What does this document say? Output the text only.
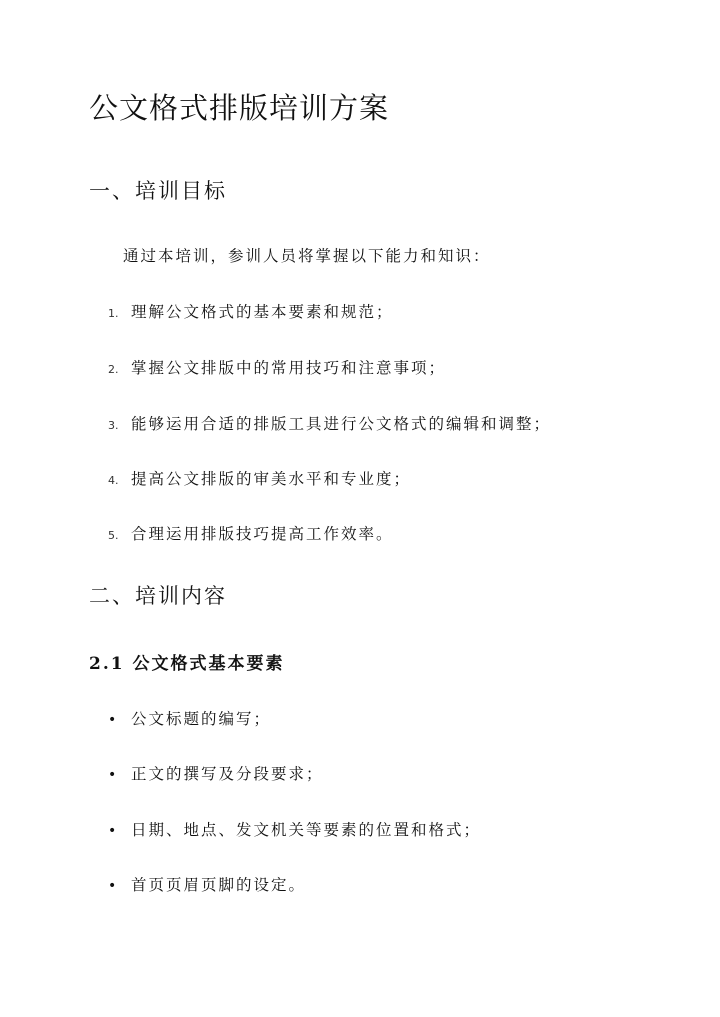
公文格式排版培训方案
一、培训目标
通过本培训，参训人员将掌握以下能力和知识：
1. 理解公文格式的基本要素和规范；
2. 掌握公文排版中的常用技巧和注意事项；
3. 能够运用合适的排版工具进行公文格式的编辑和调整；
4. 提高公文排版的审美水平和专业度；
5. 合理运用排版技巧提高工作效率。
二、培训内容
2.1 公文格式基本要素
• 公文标题的编写；
• 正文的撰写及分段要求；
• 日期、地点、发文机关等要素的位置和格式；
• 首页页眉页脚的设定。
